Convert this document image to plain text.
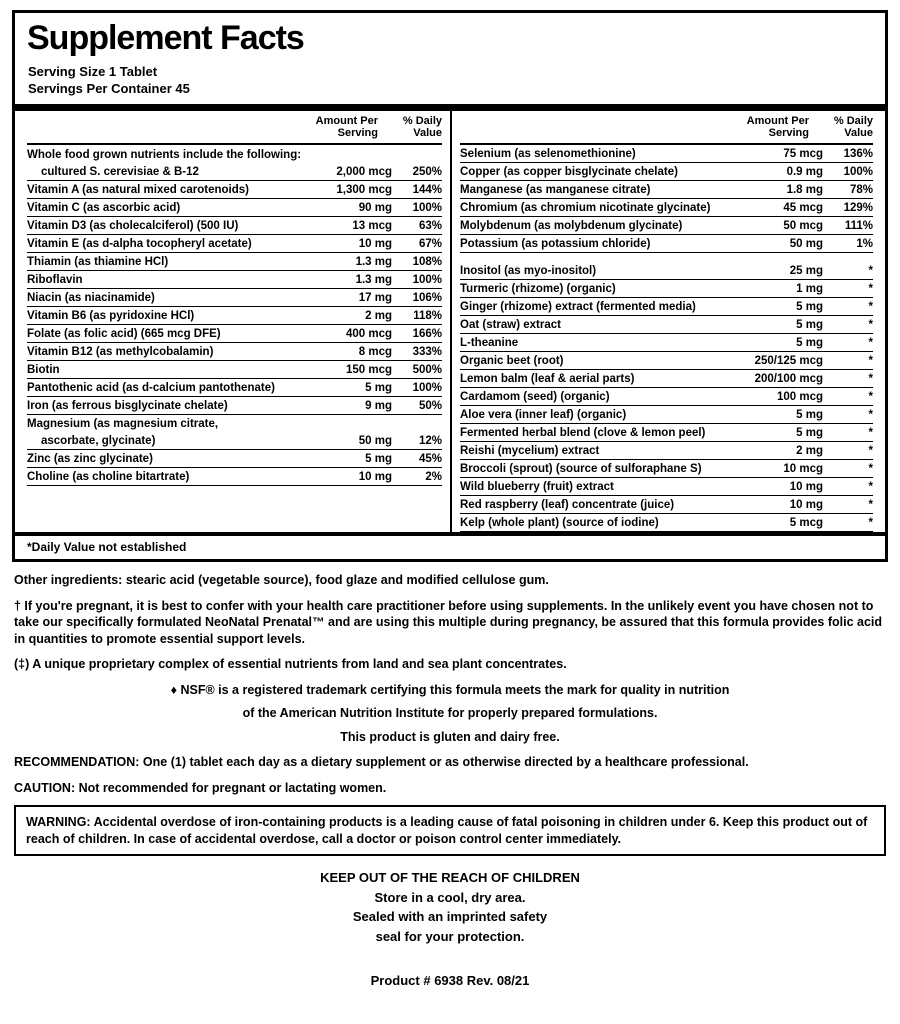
Supplement Facts
Serving Size 1 Tablet
Servings Per Container 45
Amount Per
Serving
% Daily
Value
Whole food grown nutrients include the following:
cultured S. cerevisiae & B-12	2,000 mcg	250%
Vitamin A (as natural mixed carotenoids)	1,300 mcg	144%
Vitamin C (as ascorbic acid)	90 mg	100%
Vitamin D3 (as cholecalciferol) (500 IU)	13 mcg	63%
Vitamin E (as d-alpha tocopheryl acetate)	10 mg	67%
Thiamin (as thiamine HCl)	1.3 mg	108%
Riboflavin	1.3 mg	100%
Niacin (as niacinamide)	17 mg	106%
Vitamin B6 (as pyridoxine HCl)	2 mg	118%
Folate (as folic acid) (665 mcg DFE)	400 mcg	166%
Vitamin B12 (as methylcobalamin)	8 mcg	333%
Biotin	150 mcg	500%
Pantothenic acid (as d-calcium pantothenate)	5 mg	100%
Iron (as ferrous bisglycinate chelate)	9 mg	50%
Magnesium (as magnesium citrate,
ascorbate, glycinate)	50 mg	12%
Zinc (as zinc glycinate)	5 mg	45%
Choline (as choline bitartrate)	10 mg	2%
Amount Per
Serving
% Daily
Value
Selenium (as selenomethionine)	75 mcg	136%
Copper (as copper bisglycinate chelate)	0.9 mg	100%
Manganese (as manganese citrate)	1.8 mg	78%
Chromium (as chromium nicotinate glycinate)	45 mcg	129%
Molybdenum (as molybdenum glycinate)	50 mcg	111%
Potassium (as potassium chloride)	50 mg	1%
Inositol (as myo-inositol)	25 mg	*
Turmeric (rhizome) (organic)	1 mg	*
Ginger (rhizome) extract (fermented media)	5 mg	*
Oat (straw) extract	5 mg	*
L-theanine	5 mg	*
Organic beet (root)	250/125 mcg	*
Lemon balm (leaf & aerial parts)	200/100 mcg	*
Cardamom (seed) (organic)	100 mcg	*
Aloe vera (inner leaf) (organic)	5 mg	*
Fermented herbal blend (clove & lemon peel)	5 mg	*
Reishi (mycelium) extract	2 mg	*
Broccoli (sprout) (source of sulforaphane S)	10 mcg	*
Wild blueberry (fruit) extract	10 mg	*
Red raspberry (leaf) concentrate (juice)	10 mg	*
Kelp (whole plant) (source of iodine)	5 mcg	*
*Daily Value not established

Other ingredients: stearic acid (vegetable source), food glaze and modified cellulose gum.

† If you're pregnant, it is best to confer with your health care practitioner before using supplements. In the unlikely event you have chosen not to take our specifically formulated NeoNatal Prenatal™ and are using this multiple during pregnancy, be assured that this formula provides folic acid in quantities to promote essential support levels.

(‡) A unique proprietary complex of essential nutrients from land and sea plant concentrates.

♦ NSF® is a registered trademark certifying this formula meets the mark for quality in nutrition
of the American Nutrition Institute for properly prepared formulations.
This product is gluten and dairy free.

RECOMMENDATION: One (1) tablet each day as a dietary supplement or as otherwise directed by a healthcare professional.

CAUTION: Not recommended for pregnant or lactating women.

WARNING: Accidental overdose of iron-containing products is a leading cause of fatal poisoning in children under 6. Keep this product out of reach of children. In case of accidental overdose, call a doctor or poison control center immediately.
KEEP OUT OF THE REACH OF CHILDREN
Store in a cool, dry area.
Sealed with an imprinted safety
seal for your protection.
Product # 6938 Rev. 08/21
